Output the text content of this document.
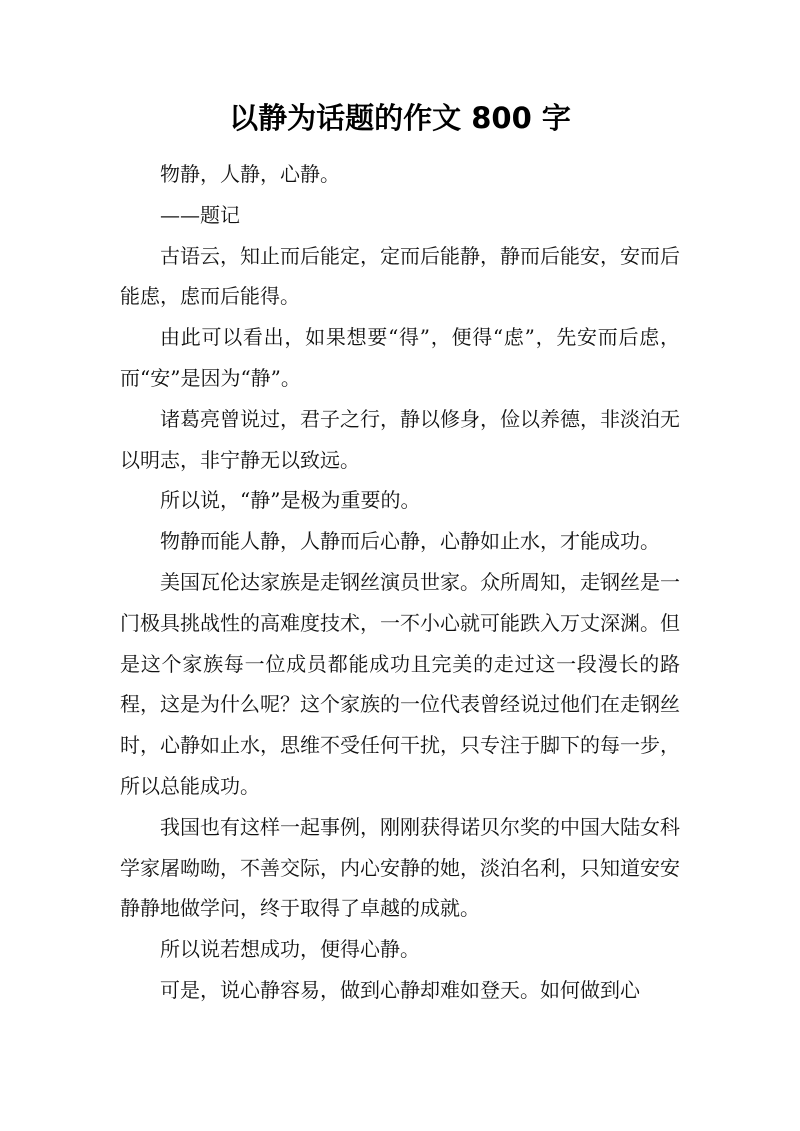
以静为话题的作文 800 字

物静，人静，心静。

——题记

古语云，知止而后能定，定而后能静，静而后能安，安而后能虑，虑而后能得。

由此可以看出，如果想要“得”，便得“虑”，先安而后虑，而“安”是因为“静”。

诸葛亮曾说过，君子之行，静以修身，俭以养德，非淡泊无以明志，非宁静无以致远。

所以说，“静”是极为重要的。

物静而能人静，人静而后心静，心静如止水，才能成功。

美国瓦伦达家族是走钢丝演员世家。众所周知，走钢丝是一门极具挑战性的高难度技术，一不小心就可能跌入万丈深渊。但是这个家族每一位成员都能成功且完美的走过这一段漫长的路程，这是为什么呢？这个家族的一位代表曾经说过他们在走钢丝时，心静如止水，思维不受任何干扰，只专注于脚下的每一步，所以总能成功。

我国也有这样一起事例，刚刚获得诺贝尔奖的中国大陆女科学家屠呦呦，不善交际，内心安静的她，淡泊名利，只知道安安静静地做学问，终于取得了卓越的成就。

所以说若想成功，便得心静。

可是，说心静容易，做到心静却难如登天。如何做到心
